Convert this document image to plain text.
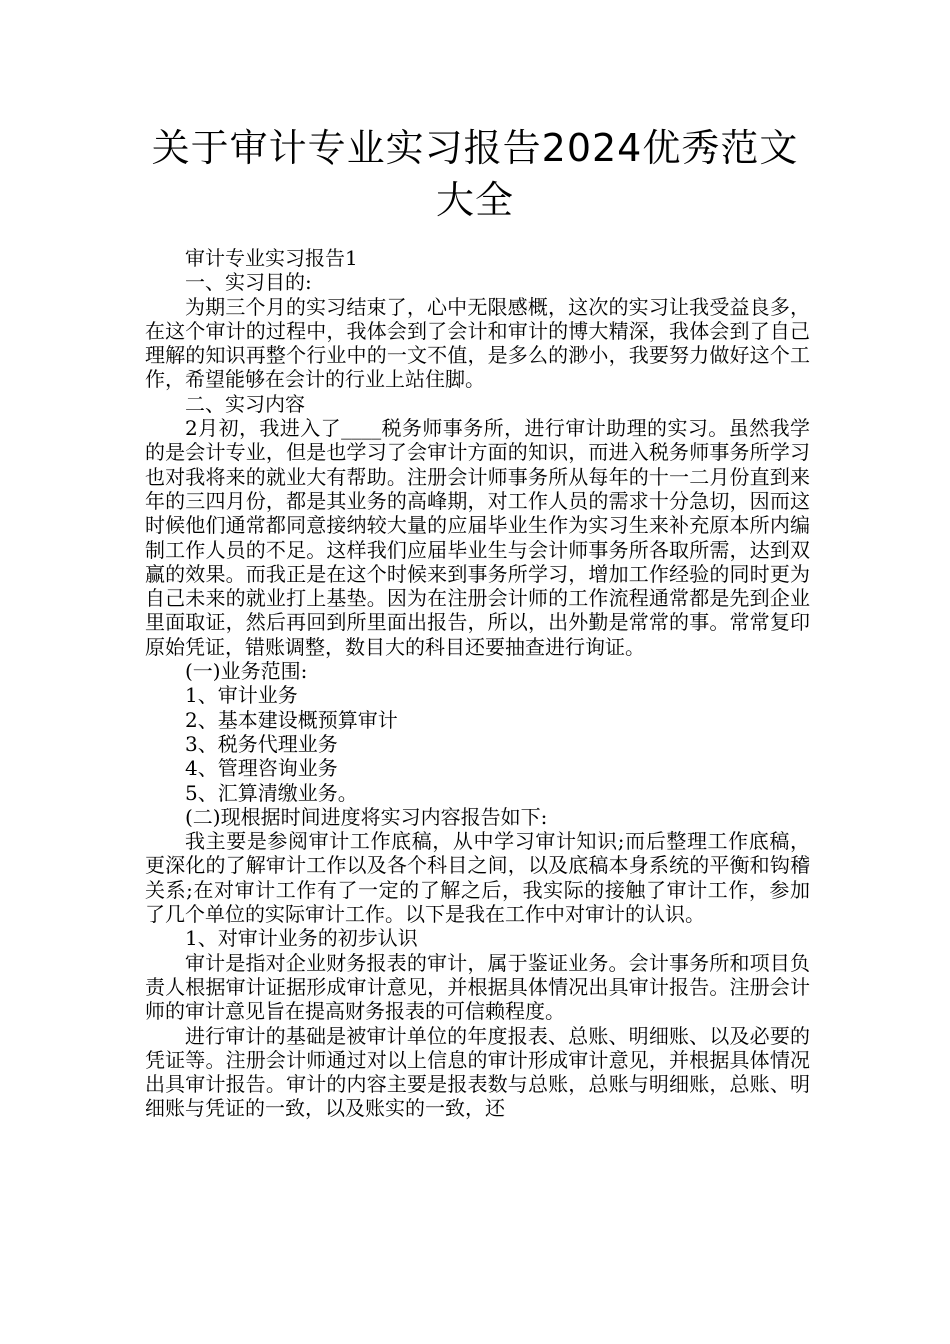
关于审计专业实习报告2024优秀范文
大全

审计专业实习报告1

一、实习目的:

为期三个月的实习结束了，心中无限感概，这次的实习让我受益良多，在这个审计的过程中，我体会到了会计和审计的博大精深，我体会到了自己理解的知识再整个行业中的一文不值，是多么的渺小，我要努力做好这个工作，希望能够在会计的行业上站住脚。

二、实习内容

2月初，我进入了____税务师事务所，进行审计助理的实习。虽然我学的是会计专业，但是也学习了会审计方面的知识，而进入税务师事务所学习也对我将来的就业大有帮助。注册会计师事务所从每年的十一二月份直到来年的三四月份，都是其业务的高峰期，对工作人员的需求十分急切，因而这时候他们通常都同意接纳较大量的应届毕业生作为实习生来补充原本所内编制工作人员的不足。这样我们应届毕业生与会计师事务所各取所需，达到双赢的效果。而我正是在这个时候来到事务所学习，增加工作经验的同时更为自己未来的就业打上基垫。因为在注册会计师的工作流程通常都是先到企业里面取证，然后再回到所里面出报告，所以，出外勤是常常的事。常常复印原始凭证，错账调整，数目大的科目还要抽查进行询证。

(一)业务范围:

1、审计业务

2、基本建设概预算审计

3、税务代理业务

4、管理咨询业务

5、汇算清缴业务。

(二)现根据时间进度将实习内容报告如下:

我主要是参阅审计工作底稿，从中学习审计知识;而后整理工作底稿，更深化的了解审计工作以及各个科目之间，以及底稿本身系统的平衡和钩稽关系;在对审计工作有了一定的了解之后，我实际的接触了审计工作，参加了几个单位的实际审计工作。以下是我在工作中对审计的认识。

1、对审计业务的初步认识

审计是指对企业财务报表的审计，属于鉴证业务。会计事务所和项目负责人根据审计证据形成审计意见，并根据具体情况出具审计报告。注册会计师的审计意见旨在提高财务报表的可信赖程度。

进行审计的基础是被审计单位的年度报表、总账、明细账、以及必要的凭证等。注册会计师通过对以上信息的审计形成审计意见，并根据具体情况出具审计报告。审计的内容主要是报表数与总账，总账与明细账，总账、明细账与凭证的一致，以及账实的一致，还
